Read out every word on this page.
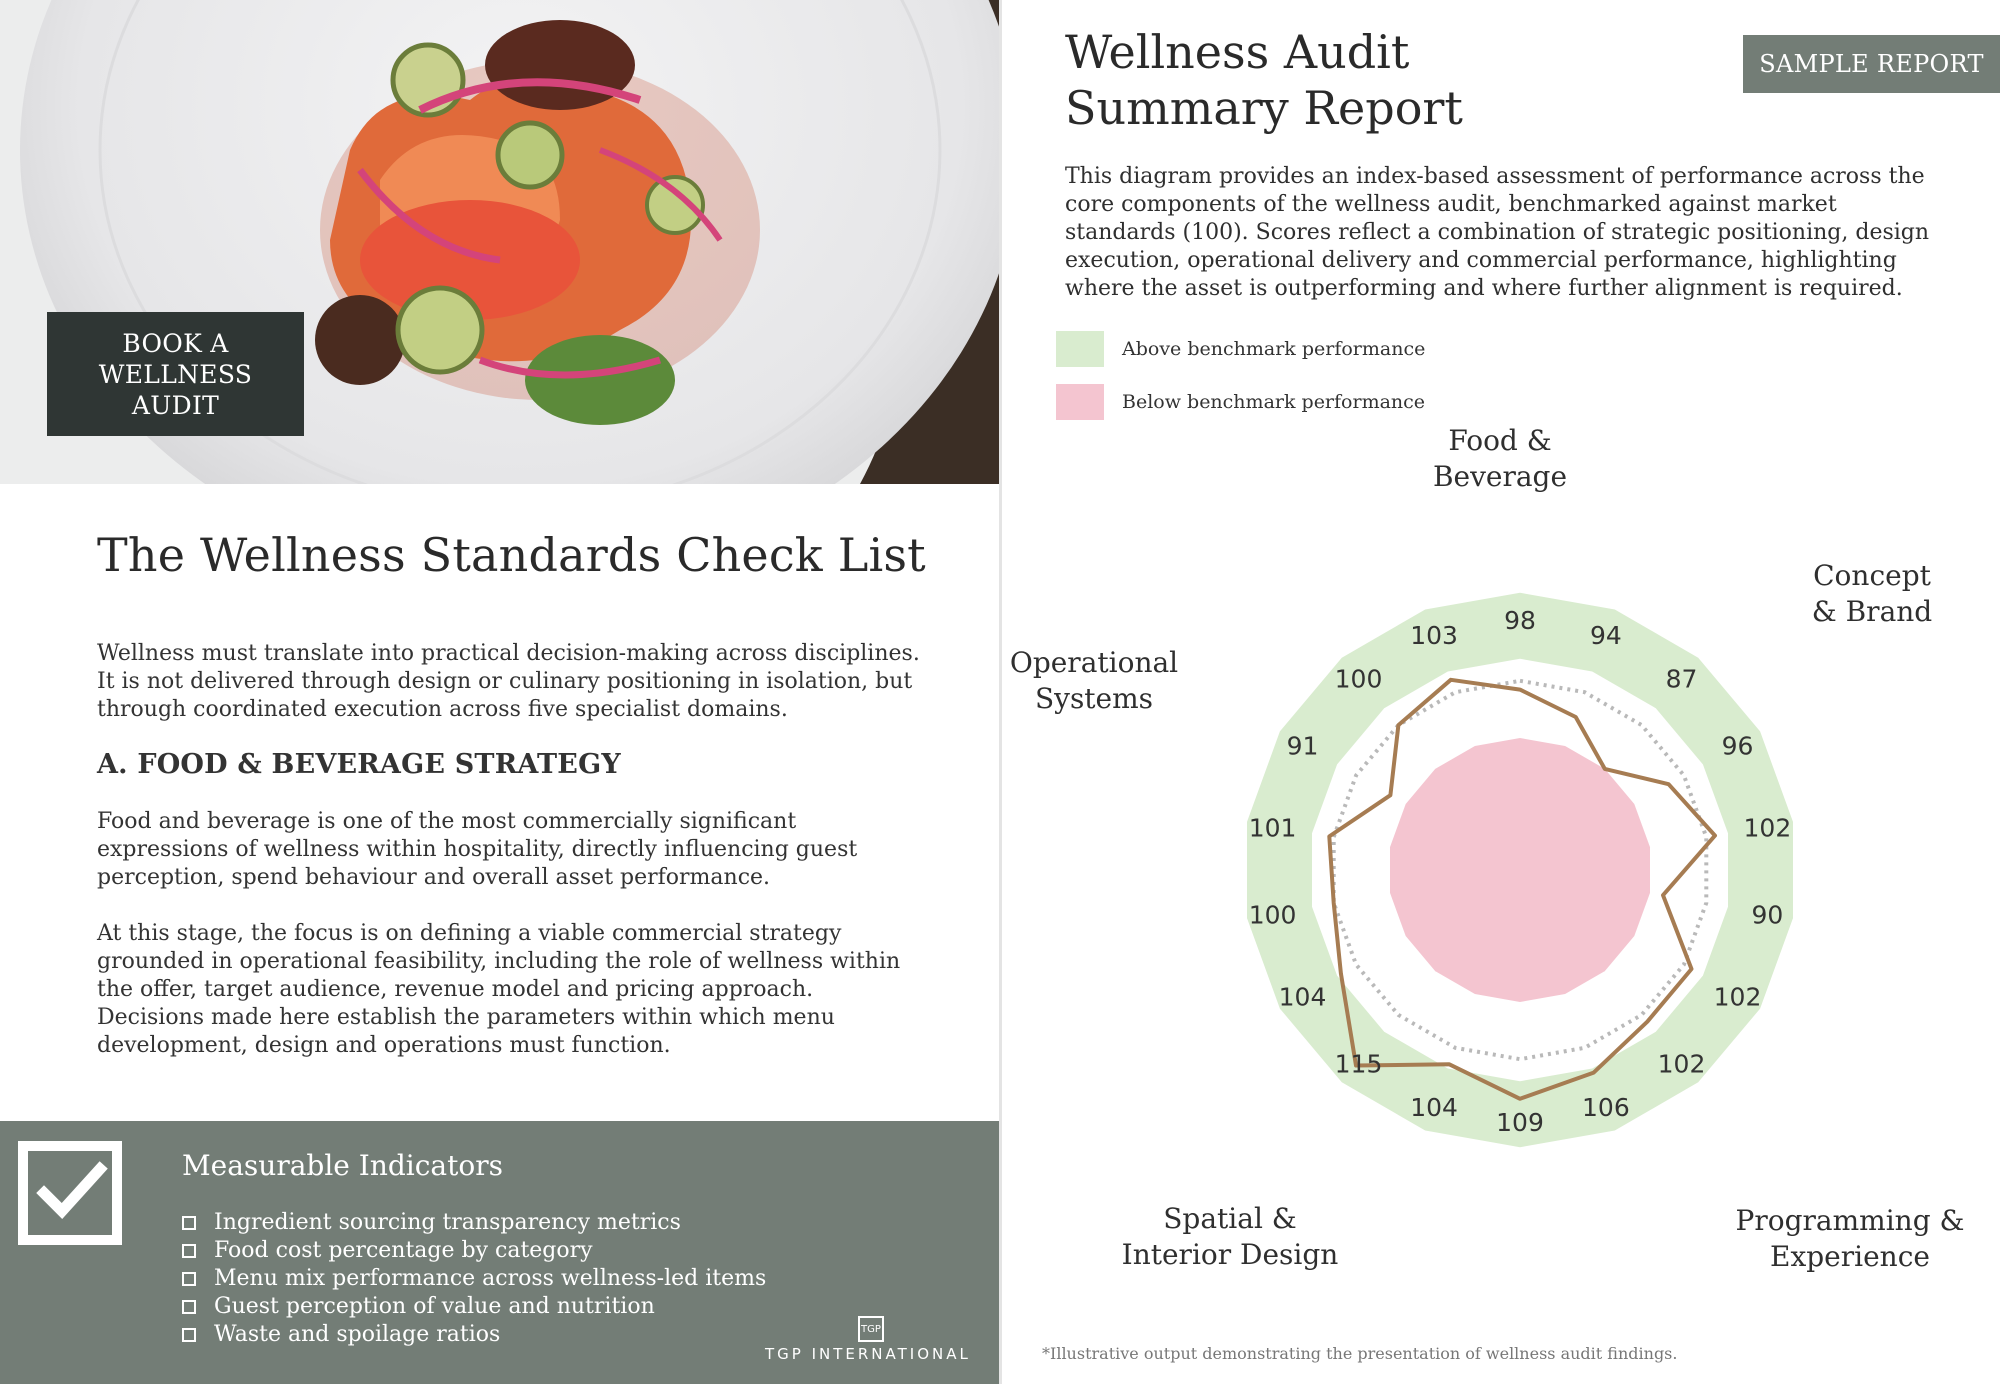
BOOK A WELLNESS AUDIT
The Wellness Standards Check List

Wellness must translate into practical decision-making across disciplines. It is not delivered through design or culinary positioning in isolation, but through coordinated execution across five specialist domains.

A. FOOD & BEVERAGE STRATEGY

Food and beverage is one of the most commercially significant expressions of wellness within hospitality, directly influencing guest perception, spend behaviour and overall asset performance.

At this stage, the focus is on defining a viable commercial strategy grounded in operational feasibility, including the role of wellness within the offer, target audience, revenue model and pricing approach. Decisions made here establish the parameters within which menu development, design and operations must function.

Measurable Indicators
Ingredient sourcing transparency metrics
Food cost percentage by category
Menu mix performance across wellness-led items
Guest perception of value and nutrition
Waste and spoilage ratios	TGP
TGP INTERNATIONAL
Wellness Audit
Summary Report
SAMPLE REPORT

This diagram provides an index-based assessment of performance across the core components of the wellness audit, benchmarked against market standards (100). Scores reflect a combination of strategic positioning, design execution, operational delivery and commercial performance, highlighting where the asset is outperforming and where further alignment is required.

Above benchmark performance
Below benchmark performance
98
94
87
96
102
90
102
102
106
109
104
115
104
100
101
91
100
103
Food & Beverage
Concept & Brand
Programming & Experience
Spatial & Interior Design
Operational Systems
*Illustrative output demonstrating the presentation of wellness audit findings.
